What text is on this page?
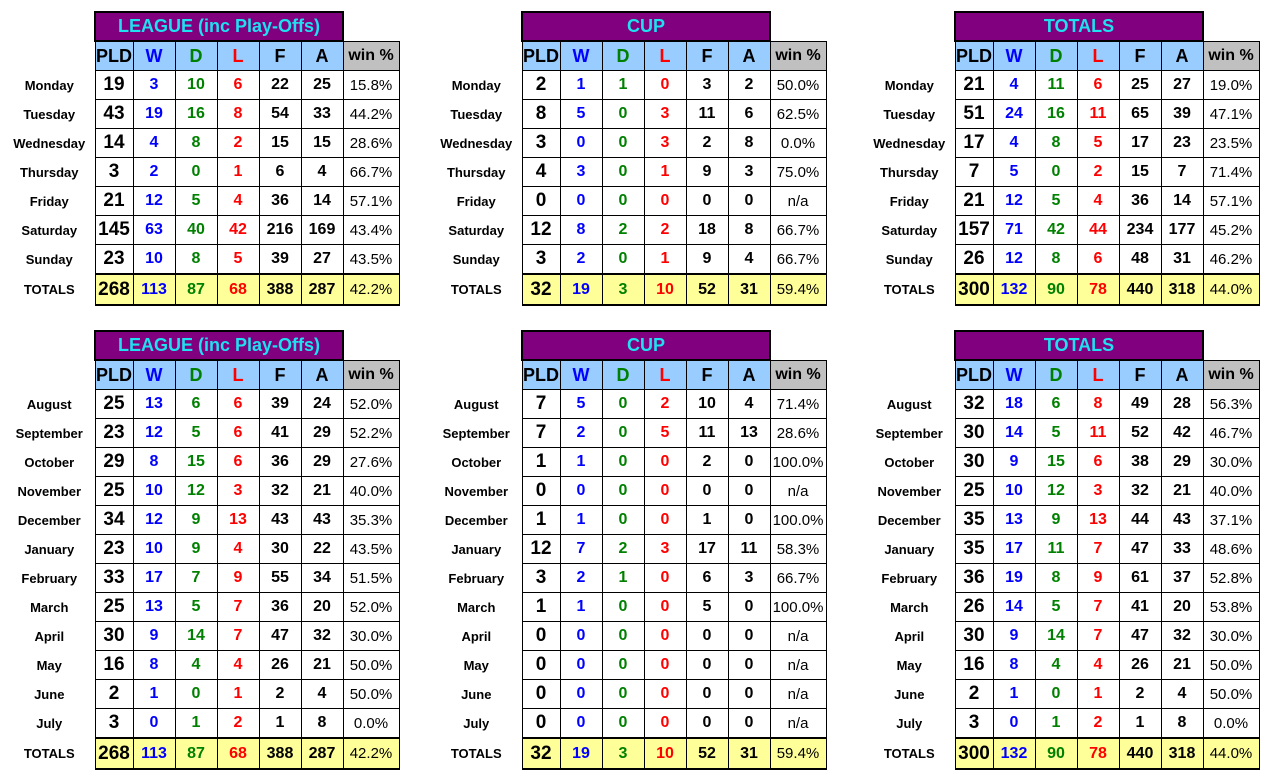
	LEAGUE (inc Play-Offs)						
	PLD	W	D	L	F	A	win %
Monday	19	3	10	6	22	25	15.8%
Tuesday	43	19	16	8	54	33	44.2%
Wednesday	14	4	8	2	15	15	28.6%
Thursday	3	2	0	1	6	4	66.7%
Friday	21	12	5	4	36	14	57.1%
Saturday	145	63	40	42	216	169	43.4%
Sunday	23	10	8	5	39	27	43.5%
TOTALS	268	113	87	68	388	287	42.2%
	CUP						
	PLD	W	D	L	F	A	win %
Monday	2	1	1	0	3	2	50.0%
Tuesday	8	5	0	3	11	6	62.5%
Wednesday	3	0	0	3	2	8	0.0%
Thursday	4	3	0	1	9	3	75.0%
Friday	0	0	0	0	0	0	n/a
Saturday	12	8	2	2	18	8	66.7%
Sunday	3	2	0	1	9	4	66.7%
TOTALS	32	19	3	10	52	31	59.4%
	TOTALS						
	PLD	W	D	L	F	A	win %
Monday	21	4	11	6	25	27	19.0%
Tuesday	51	24	16	11	65	39	47.1%
Wednesday	17	4	8	5	17	23	23.5%
Thursday	7	5	0	2	15	7	71.4%
Friday	21	12	5	4	36	14	57.1%
Saturday	157	71	42	44	234	177	45.2%
Sunday	26	12	8	6	48	31	46.2%
TOTALS	300	132	90	78	440	318	44.0%
	LEAGUE (inc Play-Offs)						
	PLD	W	D	L	F	A	win %
August	25	13	6	6	39	24	52.0%
September	23	12	5	6	41	29	52.2%
October	29	8	15	6	36	29	27.6%
November	25	10	12	3	32	21	40.0%
December	34	12	9	13	43	43	35.3%
January	23	10	9	4	30	22	43.5%
February	33	17	7	9	55	34	51.5%
March	25	13	5	7	36	20	52.0%
April	30	9	14	7	47	32	30.0%
May	16	8	4	4	26	21	50.0%
June	2	1	0	1	2	4	50.0%
July	3	0	1	2	1	8	0.0%
TOTALS	268	113	87	68	388	287	42.2%
	CUP						
	PLD	W	D	L	F	A	win %
August	7	5	0	2	10	4	71.4%
September	7	2	0	5	11	13	28.6%
October	1	1	0	0	2	0	100.0%
November	0	0	0	0	0	0	n/a
December	1	1	0	0	1	0	100.0%
January	12	7	2	3	17	11	58.3%
February	3	2	1	0	6	3	66.7%
March	1	1	0	0	5	0	100.0%
April	0	0	0	0	0	0	n/a
May	0	0	0	0	0	0	n/a
June	0	0	0	0	0	0	n/a
July	0	0	0	0	0	0	n/a
TOTALS	32	19	3	10	52	31	59.4%
	TOTALS						
	PLD	W	D	L	F	A	win %
August	32	18	6	8	49	28	56.3%
September	30	14	5	11	52	42	46.7%
October	30	9	15	6	38	29	30.0%
November	25	10	12	3	32	21	40.0%
December	35	13	9	13	44	43	37.1%
January	35	17	11	7	47	33	48.6%
February	36	19	8	9	61	37	52.8%
March	26	14	5	7	41	20	53.8%
April	30	9	14	7	47	32	30.0%
May	16	8	4	4	26	21	50.0%
June	2	1	0	1	2	4	50.0%
July	3	0	1	2	1	8	0.0%
TOTALS	300	132	90	78	440	318	44.0%
